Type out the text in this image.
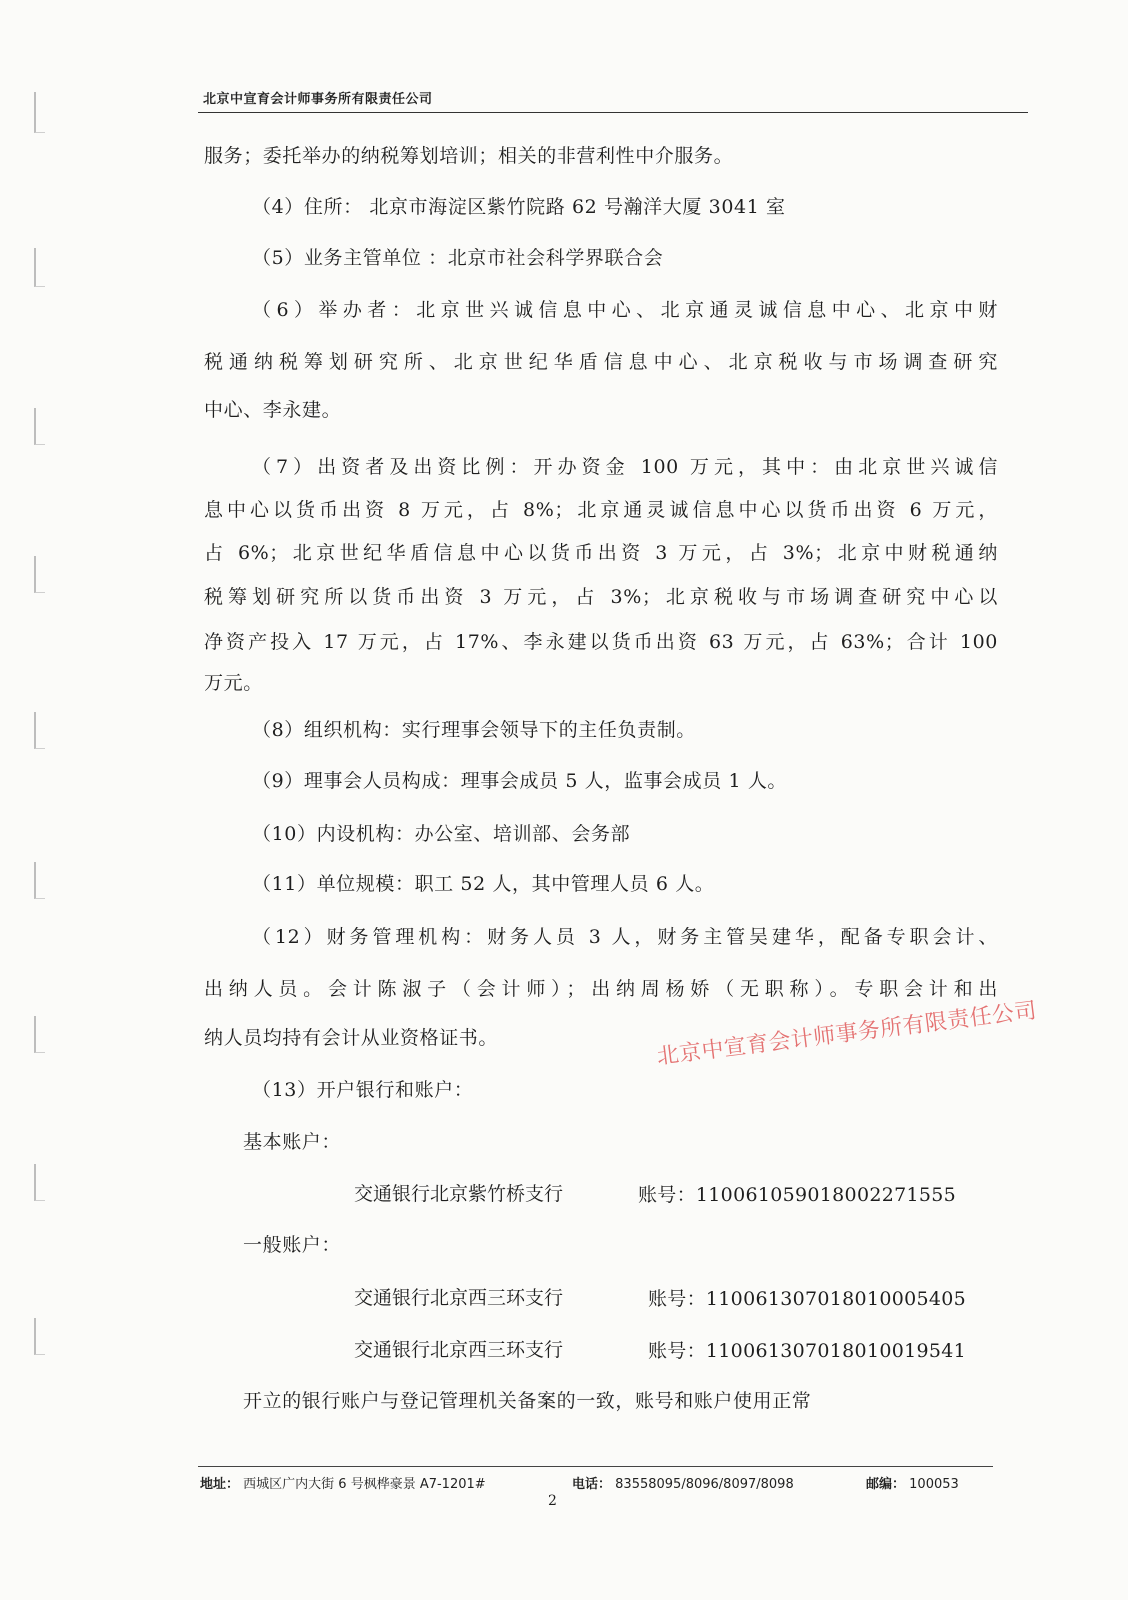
北京中宣育会计师事务所有限责任公司
服务；委托举办的纳税筹划培训；相关的非营利性中介服务。
（4）住所： 北京市海淀区紫竹院路 62 号瀚洋大厦 3041 室
（5）业务主管单位 ：北京市社会科学界联合会
（6）举办者：北京世兴诚信息中心、北京通灵诚信息中心、北京中财
税通纳税筹划研究所、北京世纪华盾信息中心、北京税收与市场调查研究
中心、李永建。
（7）出资者及出资比例：开办资金 100 万元，其中：由北京世兴诚信
息中心以货币出资 8 万元，占 8%；北京通灵诚信息中心以货币出资 6 万元，
占 6%；北京世纪华盾信息中心以货币出资 3 万元，占 3%；北京中财税通纳
税筹划研究所以货币出资 3 万元，占 3%；北京税收与市场调查研究中心以
净资产投入 17 万元，占 17%、李永建以货币出资 63 万元，占 63%；合计 100
万元。
（8）组织机构：实行理事会领导下的主任负责制。
（9）理事会人员构成：理事会成员 5 人，监事会成员 1 人。
（10）内设机构：办公室、培训部、会务部
（11）单位规模：职工 52 人，其中管理人员 6 人。
（12）财务管理机构：财务人员 3 人，财务主管吴建华，配备专职会计、
出纳人员。会计陈淑子（会计师）；出纳周杨娇（无职称）。专职会计和出
纳人员均持有会计从业资格证书。
（13）开户银行和账户：
基本账户：
交通银行北京紫竹桥支行	账号：110061059018002271555
一般账户：
交通银行北京西三环支行	账号：110061307018010005405
交通银行北京西三环支行	账号：110061307018010019541
开立的银行账户与登记管理机关备案的一致，账号和账户使用正常
北京中宣育会计师事务所有限责任公司
地址： 西城区广内大街 6 号枫桦豪景 A7-1201#	电话： 83558095/8096/8097/8098	邮编： 100053
2
